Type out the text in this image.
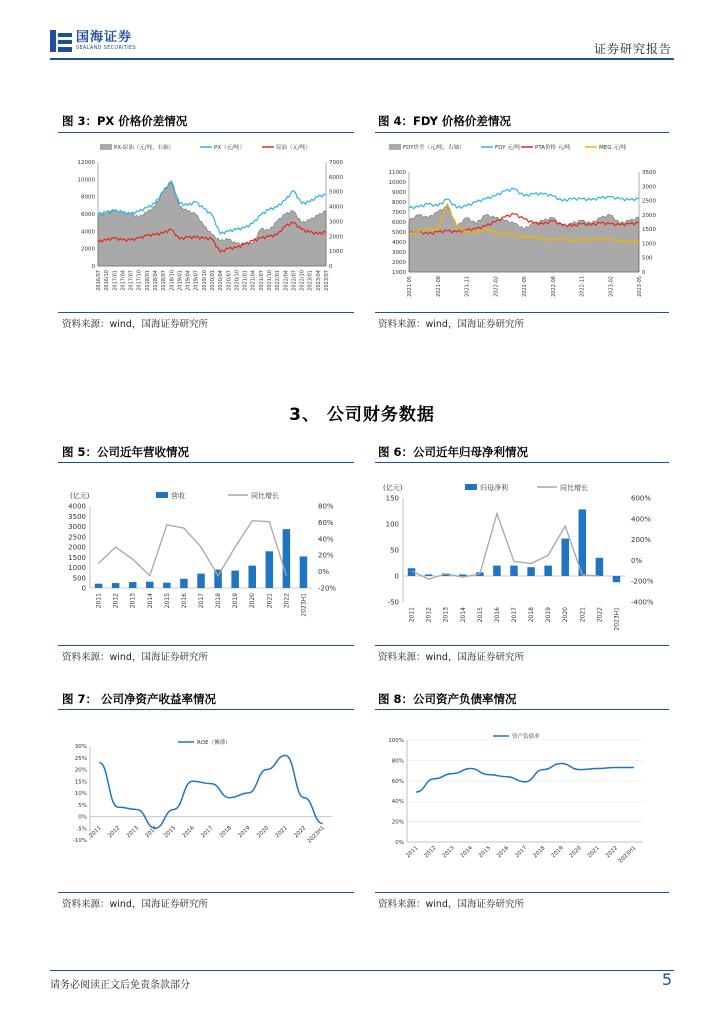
国海证券
SEALAND SECURITIES	证券研究报告
图 3：PX 价格价差情况	图 4：FDY 价格价差情况
资料来源：wind，国海证券研究所	资料来源：wind，国海证券研究所
3、 公司财务数据
图 5：公司近年营收情况	图 6：公司近年归母净利情况
资料来源：wind，国海证券研究所	资料来源：wind，国海证券研究所
图 7： 公司净资产收益率情况	图 8：公司资产负债率情况
资料来源：wind，国海证券研究所	资料来源：wind，国海证券研究所
PX-原油（元/吨，右轴）	PX（元/吨）	原油（元/吨）
0
2000
4000
6000
8000
10000
12000
0
1000
2000
3000
4000
5000
6000
7000
2016/07 2016/10 2017/01 2017/04 2017/07 2017/10 2018/01 2018/04 2018/07 2018/10 2019/01 2019/04 2019/07 2019/10 2020/01 2020/04 2020/07 2020/10 2021/01 2021/04 2021/07 2021/10 2022/01 2022/04 2022/07 2022/10 2023/01 2023/04 2023/07
FDY价差（元/吨，右轴）	FDY 元/吨	PTA价格 元/吨	MEG 元/吨
1000
2000
3000
4000
5000
6000
7000
8000
9000
10000
11000
0
500
1000
1500
2000
2500
3000
3500
2021-05	2021-08	2021-11	2022-02	2022-05	2022-08	2022-11	2023-02	2023-05
(亿元)	营收	同比增长
0
500
1000
1500
2000
2500
3000
3500
4000
-20%
0%
20%
40%
60%
80%
2011 2012 2013 2014 2015 2016 2017 2018 2019 2020 2021 2022 2023H1
(亿元)	归母净利	同比增长
-50
0
50
100
150
-400%
-200%
0%
200%
400%
600%
2011 2012 2013 2014 2015 2016 2017 2018 2019 2020 2021 2022 2023H1
ROE（摊薄）
-10%
-5%
0%
5%
10%
15%
20%
25%
30%
2011 2012 2013 2014 2015 2016 2017 2018 2019 2020 2021 2022 2023H1
资产负债率
0%
20%
40%
60%
80%
100%
2011 2012 2013 2014 2015 2016 2017 2018 2019 2020 2021 2022
2023H1
请务必阅读正文后免责条款部分	5
